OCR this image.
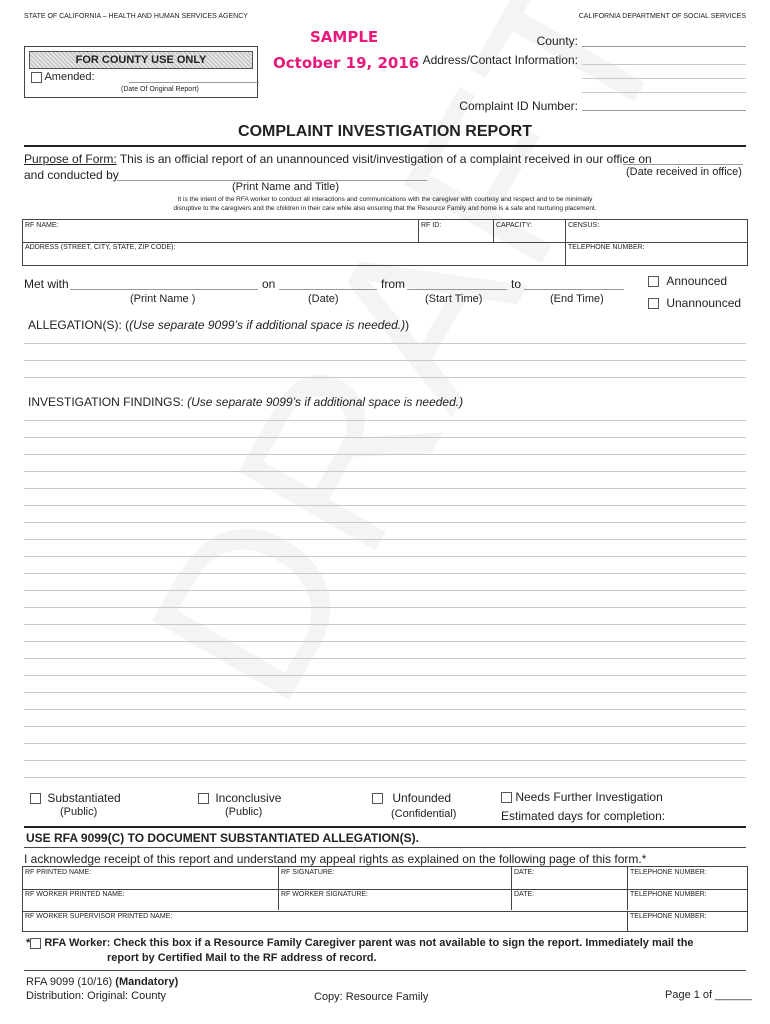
STATE OF CALIFORNIA – HEALTH AND HUMAN SERVICES AGENCY	CALIFORNIA DEPARTMENT OF SOCIAL SERVICES
SAMPLE
October 19, 2016
FOR COUNTY USE ONLY
Amended:
(Date Of Original Report)
County:
Address/Contact Information:
Complaint ID Number:
COMPLAINT INVESTIGATION REPORT
Purpose of Form: This is an official report of an unannounced visit/investigation of a complaint received in our office on
(Date received in office)
and conducted by
(Print Name and Title)
It is the intent of the RFA worker to conduct all interactions and communications with the caregiver with courtesy and respect and to be minimally
disruptive to the caregivers and the children in their care while also ensuring that the Resource Family and home is a safe and nurturing placement.
RF NAME:	RF ID:	CAPACITY:	CENSUS:
ADDRESS (STREET, CITY, STATE, ZIP CODE):	TELEPHONE NUMBER:
Met with	on	from	to
(Print Name )	(Date)	(Start Time)	(End Time)
Announced
Unannounced
ALLEGATION(S): ((Use separate 9099’s if additional space is needed.))
INVESTIGATION FINDINGS: (Use separate 9099’s if additional space is needed.)
Substantiated
(Public)
Inconclusive
(Public)
Unfounded
(Confidential)
Needs Further Investigation
Estimated days for completion:
USE RFA 9099(C) TO DOCUMENT SUBSTANTIATED ALLEGATION(S).
I acknowledge receipt of this report and understand my appeal rights as explained on the following page of this form.*
RF PRINTED NAME:	RF SIGNATURE:	DATE:	TELEPHONE NUMBER:
RF WORKER PRINTED NAME:	RF WORKER SIGNATURE:	DATE:	TELEPHONE NUMBER:
RF WORKER SUPERVISOR PRINTED NAME:	TELEPHONE NUMBER:
* RFA Worker: Check this box if a Resource Family Caregiver parent was not available to sign the report. Immediately mail the
report by Certified Mail to the RF address of record.
RFA 9099 (10/16) (Mandatory)
Distribution: Original: County	Copy: Resource Family	Page 1 of ______
